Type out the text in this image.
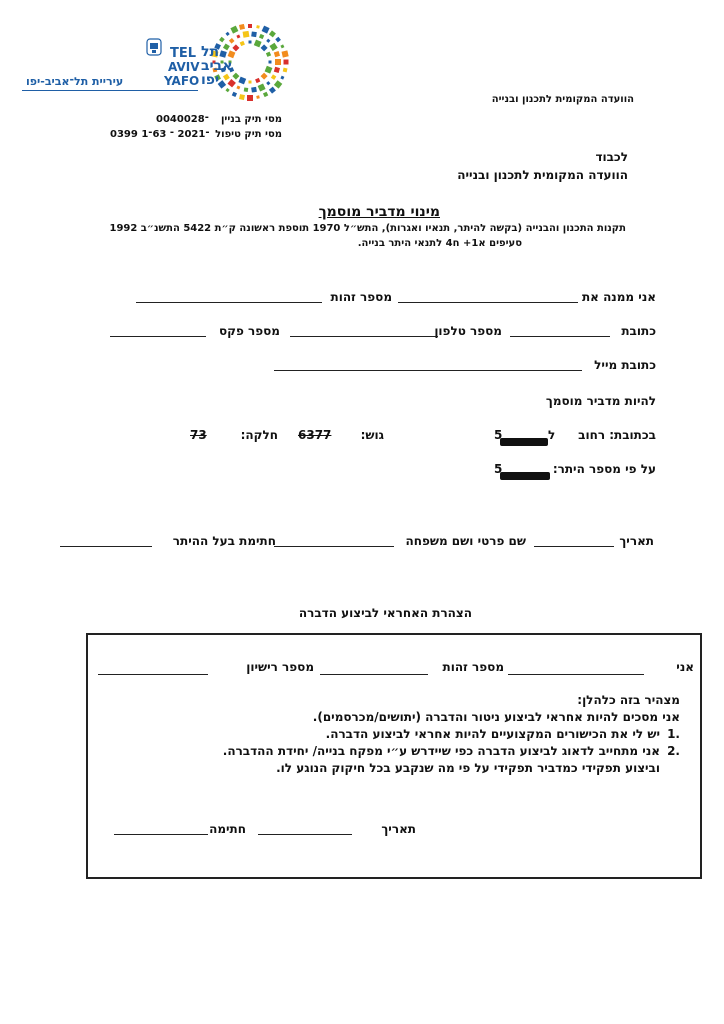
TEL תל
AVIV אביב
YAFO יפו
עיריית תל־אביב-יפו
הוועדה המקומית לתכנון ובנייה
0040־028 מסי תיק בניין
0399 ־2021 ־ 63־1 מסי תיק טיפול
לכבוד
הוועדה המקומית לתכנון ובנייה
מינוי מדביר מוסמך
תקנות התכנון והבנייה (בקשה להיתר, תנאיו ואגרות), התש״ל 1970 תוספת ראשונה ק״ת 5422 התשנ״ב 1992
סעיפים א1+ ח4 לתנאי היתר בנייה.
אני ממנה את
מספר זהות
כתובת
מספר טלפון
מספר פקס
כתובת מייל
להיות מדביר מוסמך
בכתובת: רחוב
ל
5
גוש:
6377
חלקה:
73
על פי מספר היתר:
5
תאריך
שם פרטי ושם משפחה
חתימת בעל ההיתר
הצהרת האחראי לביצוע הדברה
אני
מספר זהות
מספר רישיון
מצהיר בזה כלהלן:
אני מסכים להיות אחראי לביצוע ניטור והדברה (יתושים/מכרסמים).
1.
יש לי את הכישורים המקצועיים להיות אחראי לביצוע הדברה.
2.
אני מתחייב לדאוג לביצוע הדברה כפי שיידרש ע״י מפקח בנייה/ יחידת ההדברה.
וביצוע תפקידי כמדביר תפקידי על פי מה שנקבע בכל חיקוק הנוגע לו.
תאריך
חתימה
